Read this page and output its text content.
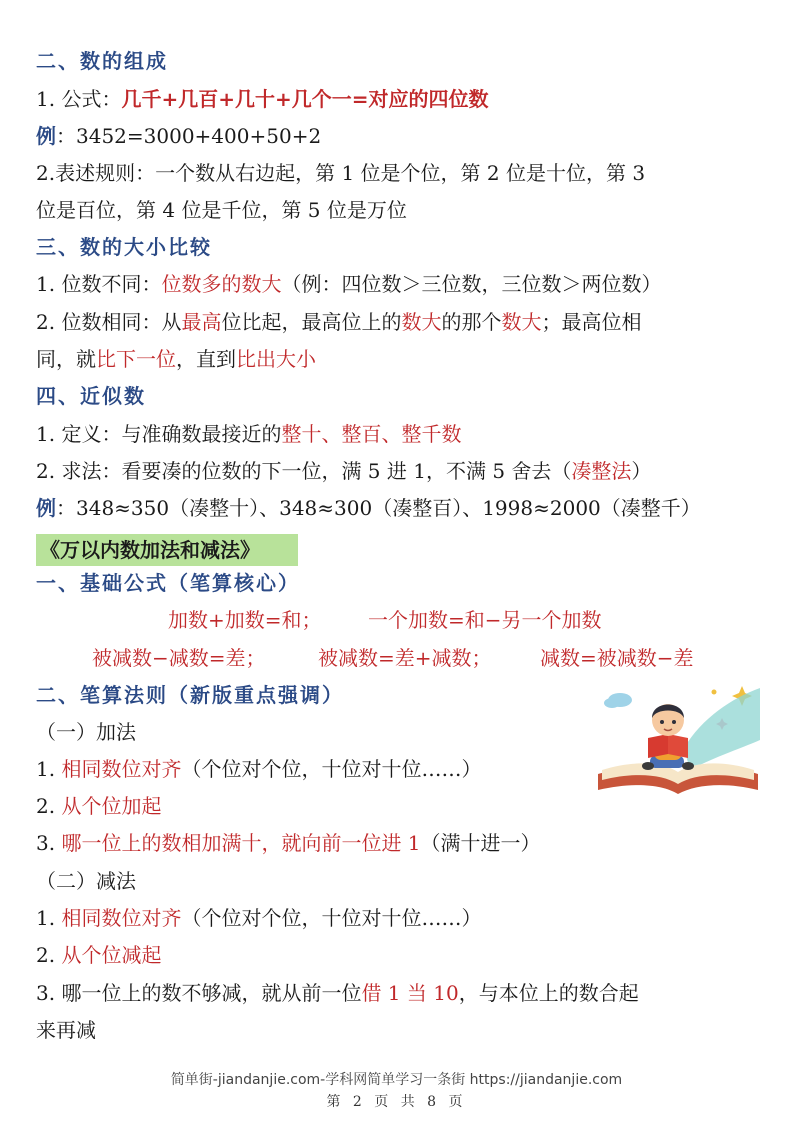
二、数的组成
1. 公式：几千+几百+几十+几个一=对应的四位数
例：3452=3000+400+50+2
2.表述规则：一个数从右边起，第 1 位是个位，第 2 位是十位，第 3
位是百位，第 4 位是千位，第 5 位是万位
三、数的大小比较
1. 位数不同：位数多的数大（例：四位数＞三位数，三位数＞两位数）
2. 位数相同：从最高位比起，最高位上的数大的那个数大；最高位相
同，就比下一位，直到比出大小
四、近似数
1. 定义：与准确数最接近的整十、整百、整千数
2. 求法：看要凑的位数的下一位，满 5 进 1，不满 5 舍去（凑整法）
例：348≈350（凑整十）、348≈300（凑整百）、1998≈2000（凑整千）
《万以内数加法和减法》
一、基础公式（笔算核心）
加数+加数=和； 一个加数=和−另一个加数
被减数−减数=差；	被减数=差+减数； 减数=被减数−差
二、笔算法则（新版重点强调）
（一）加法
1. 相同数位对齐（个位对个位，十位对十位……）
2. 从个位加起
3. 哪一位上的数相加满十，就向前一位进 1（满十进一）
（二）减法
1. 相同数位对齐（个位对个位，十位对十位……）
2. 从个位减起
3. 哪一位上的数不够减，就从前一位借 1 当 10，与本位上的数合起
来再减
简单街-jiandanjie.com-学科网简单学习一条街 https://jiandanjie.com
第 2 页 共 8 页
